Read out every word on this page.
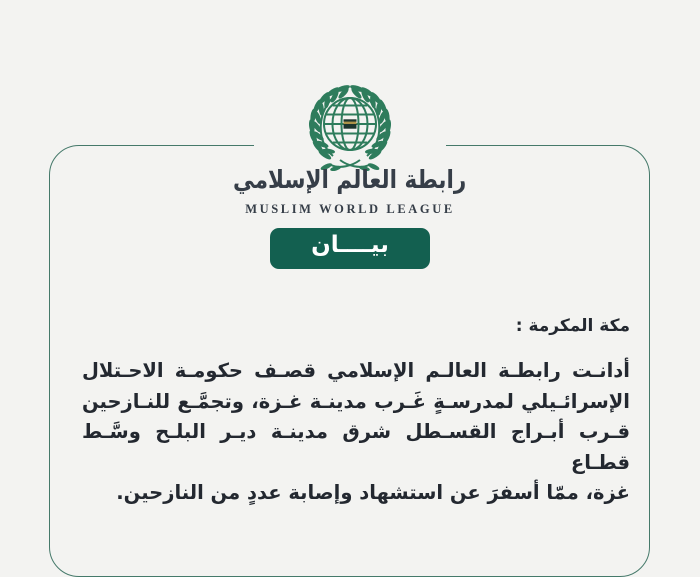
رابطة العالم الإسلامي
MUSLIM WORLD LEAGUE
بيــــان
مكة المكرمة :
أدانـت رابطـة العالـم الإسلامي قصـف حكومـة الاحـتلال
الإسرائـيلي لمدرسـةٍ غَـرب مدينـة غـزة، وتجمَّـع للنـازحين
قـرب أبـراج القسـطل شرق مدينـة ديـر البلـح وسَّـط قطـاع
غزة، ممّا أسفرَ عن استشهاد وإصابة عددٍ من النازحين.
